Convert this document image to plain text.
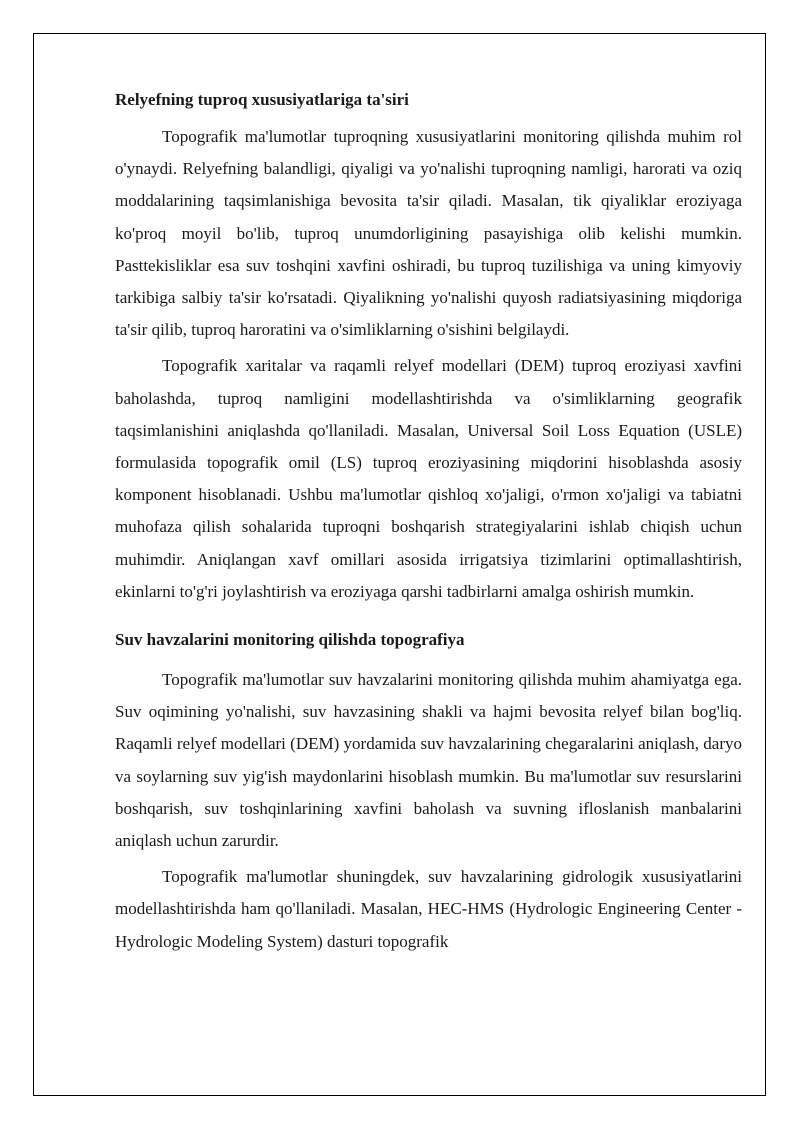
Relyefning tuproq xususiyatlariga ta'siri

Topografik ma'lumotlar tuproqning xususiyatlarini monitoring qilishda muhim rol o'ynaydi. Relyefning balandligi, qiyaligi va yo'nalishi tuproqning namligi, harorati va oziq moddalarining taqsimlanishiga bevosita ta'sir qiladi. Masalan, tik qiyaliklar eroziyaga ko'proq moyil bo'lib, tuproq unumdorligining pasayishiga olib kelishi mumkin. Pasttekisliklar esa suv toshqini xavfini oshiradi, bu tuproq tuzilishiga va uning kimyoviy tarkibiga salbiy ta'sir ko'rsatadi. Qiyalikning yo'nalishi quyosh radiatsiyasining miqdoriga ta'sir qilib, tuproq haroratini va o'simliklarning o'sishini belgilaydi.

Topografik xaritalar va raqamli relyef modellari (DEM) tuproq eroziyasi xavfini baholashda, tuproq namligini modellashtirishda va o'simliklarning geografik taqsimlanishini aniqlashda qo'llaniladi. Masalan, Universal Soil Loss Equation (USLE) formulasida topografik omil (LS) tuproq eroziyasining miqdorini hisoblashda asosiy komponent hisoblanadi. Ushbu ma'lumotlar qishloq xo'jaligi, o'rmon xo'jaligi va tabiatni muhofaza qilish sohalarida tuproqni boshqarish strategiyalarini ishlab chiqish uchun muhimdir. Aniqlangan xavf omillari asosida irrigatsiya tizimlarini optimallashtirish, ekinlarni to'g'ri joylashtirish va eroziyaga qarshi tadbirlarni amalga oshirish mumkin.

Suv havzalarini monitoring qilishda topografiya

Topografik ma'lumotlar suv havzalarini monitoring qilishda muhim ahamiyatga ega. Suv oqimining yo'nalishi, suv havzasining shakli va hajmi bevosita relyef bilan bog'liq. Raqamli relyef modellari (DEM) yordamida suv havzalarining chegaralarini aniqlash, daryo va soylarning suv yig'ish maydonlarini hisoblash mumkin. Bu ma'lumotlar suv resurslarini boshqarish, suv toshqinlarining xavfini baholash va suvning ifloslanish manbalarini aniqlash uchun zarurdir.

Topografik ma'lumotlar shuningdek, suv havzalarining gidrologik xususiyatlarini modellashtirishda ham qo'llaniladi. Masalan, HEC-HMS (Hydrologic Engineering Center - Hydrologic Modeling System) dasturi topografik
